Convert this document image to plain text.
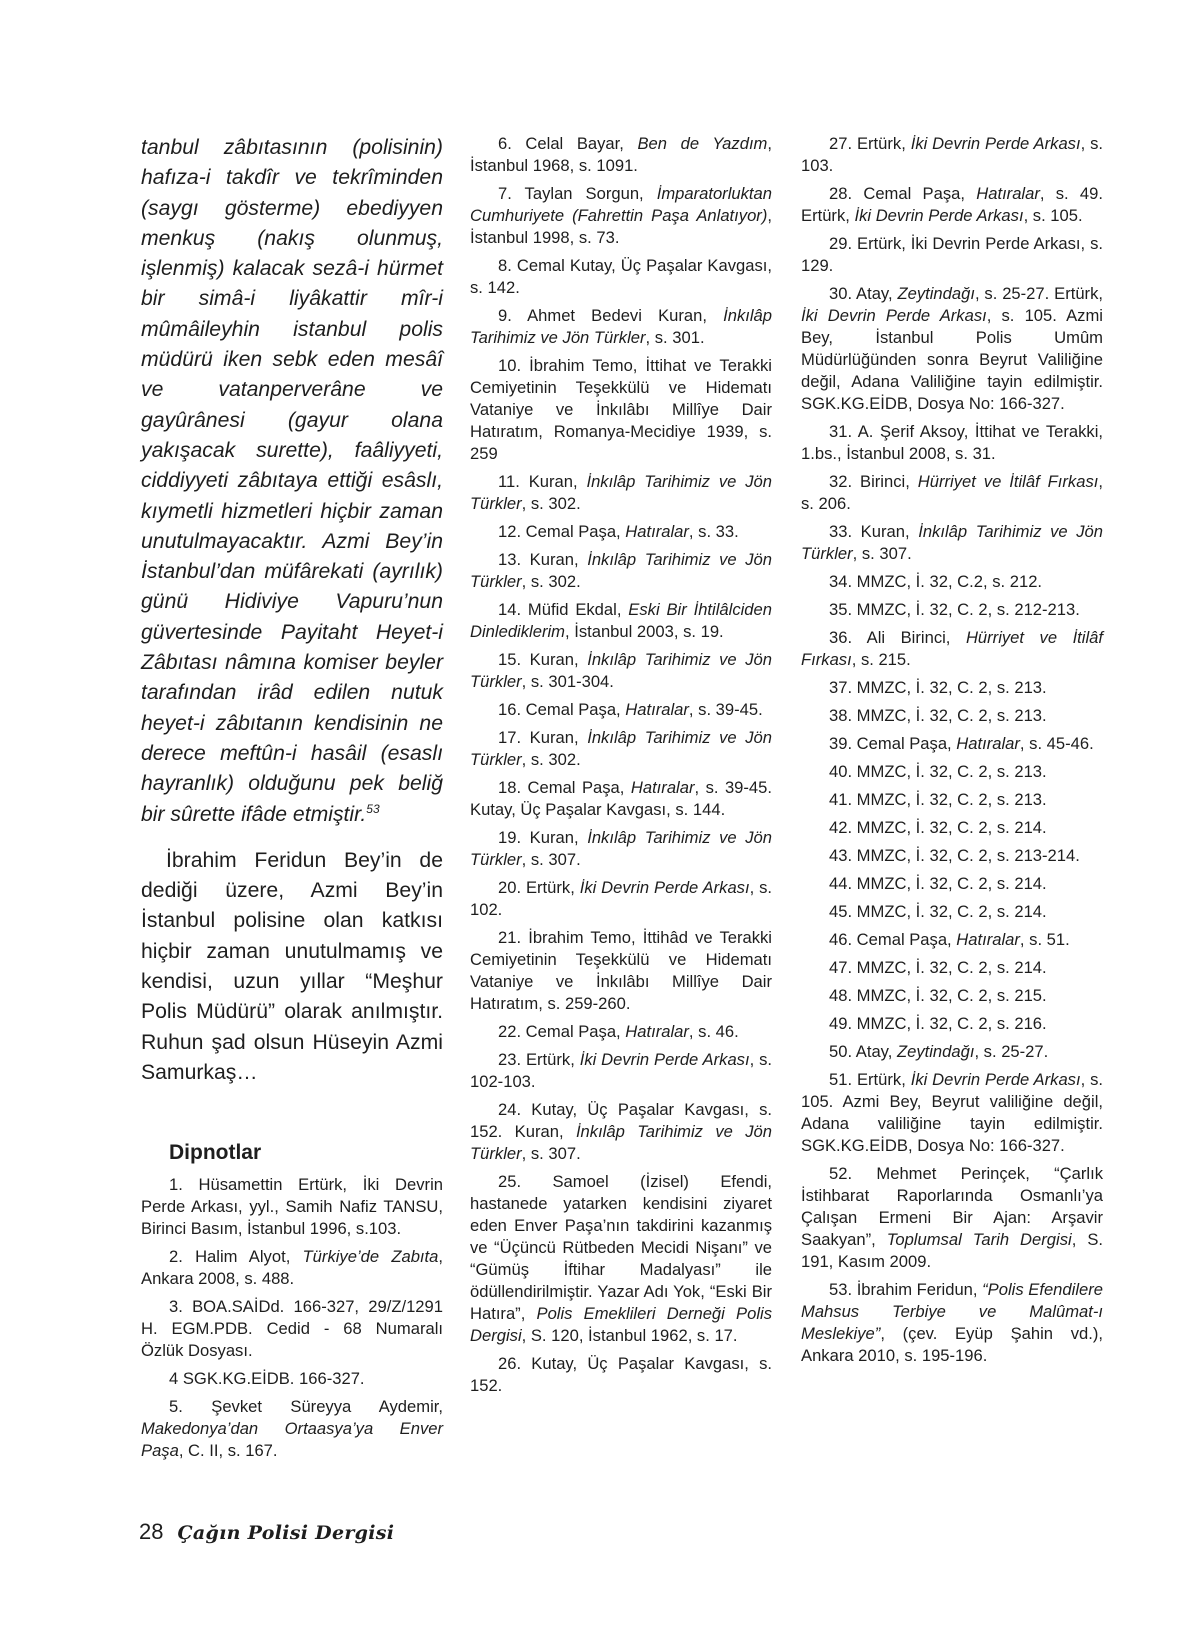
tanbul zâbıtasının (polisinin) hafıza-i takdîr ve tekrîminden (saygı gösterme) ebediyyen menkuş (nakış olunmuş, işlenmiş) kalacak sezâ-i hürmet bir simâ-i liyâkattir mîr-i mûmâileyhin istanbul polis müdürü iken sebk eden mesâî ve vatanperverâne ve gayûrânesi (gayur olana yakışacak surette), faâliyyeti, ciddiyyeti zâbıtaya ettiği esâslı, kıymetli hizmetleri hiçbir zaman unutulmayacaktır. Azmi Bey’in İstanbul’dan müfârekati (ayrılık) günü Hidiviye Vapuru’nun güvertesinde Payitaht Heyet-i Zâbıtası nâmına komiser beyler tarafından irâd edilen nutuk heyet-i zâbıtanın kendisinin ne derece meftûn-i hasâil (esaslı hayranlık) olduğunu pek beliğ bir sûrette ifâde etmiştir.$^{53}$

İbrahim Feridun Bey’in de dediği üzere, Azmi Bey’in İstanbul polisine olan katkısı hiçbir zaman unutulmamış ve kendisi, uzun yıllar “Meşhur Polis Müdürü” olarak anılmıştır. Ruhun şad olsun Hüseyin Azmi Samurkaş…

Dipnotlar

1. Hüsamettin Ertürk, İki Devrin Perde Arkası, yyl., Samih Nafiz TANSU, Birinci Basım, İstanbul 1996, s.103.

2. Halim Alyot, Türkiye’de Zabıta, Ankara 2008, s. 488.

3. BOA.SAİDd. 166-327, 29/Z/1291 H. EGM.PDB. Cedid - 68 Numaralı Özlük Dosyası.

4 SGK.KG.EİDB. 166-327.

5. Şevket Süreyya Aydemir, Makedonya’dan Ortaasya’ya Enver Paşa, C. II, s. 167.

6. Celal Bayar, Ben de Yazdım, İstanbul 1968, s. 1091.

7. Taylan Sorgun, İmparatorluktan Cumhuriyete (Fahrettin Paşa Anlatıyor), İstanbul 1998, s. 73.

8. Cemal Kutay, Üç Paşalar Kavgası, s. 142.

9. Ahmet Bedevi Kuran, İnkılâp Tarihimiz ve Jön Türkler, s. 301.

10. İbrahim Temo, İttihat ve Terakki Cemiyetinin Teşekkülü ve Hidematı Vataniye ve İnkılâbı Millîye Dair Hatıratım, Romanya-Mecidiye 1939, s. 259

11. Kuran, İnkılâp Tarihimiz ve Jön Türkler, s. 302.

12. Cemal Paşa, Hatıralar, s. 33.

13. Kuran, İnkılâp Tarihimiz ve Jön Türkler, s. 302.

14. Müfid Ekdal, Eski Bir İhtilâlciden Dinlediklerim, İstanbul 2003, s. 19.

15. Kuran, İnkılâp Tarihimiz ve Jön Türkler, s. 301-304.

16. Cemal Paşa, Hatıralar, s. 39-45.

17. Kuran, İnkılâp Tarihimiz ve Jön Türkler, s. 302.

18. Cemal Paşa, Hatıralar, s. 39-45. Kutay, Üç Paşalar Kavgası, s. 144.

19. Kuran, İnkılâp Tarihimiz ve Jön Türkler, s. 307.

20. Ertürk, İki Devrin Perde Arkası, s. 102.

21. İbrahim Temo, İttihâd ve Terakki Cemiyetinin Teşekkülü ve Hidematı Vataniye ve İnkılâbı Millîye Dair Hatıratım, s. 259-260.

22. Cemal Paşa, Hatıralar, s. 46.

23. Ertürk, İki Devrin Perde Arkası, s. 102-103.

24. Kutay, Üç Paşalar Kavgası, s. 152. Kuran, İnkılâp Tarihimiz ve Jön Türkler, s. 307.

25. Samoel (İzisel) Efendi, hastanede yatarken kendisini ziyaret eden Enver Paşa’nın takdirini kazanmış ve “Üçüncü Rütbeden Mecidi Nişanı” ve “Gümüş İftihar Madalyası” ile ödüllendirilmiştir. Yazar Adı Yok, “Eski Bir Hatıra”, Polis Emeklileri Derneği Polis Dergisi, S. 120, İstanbul 1962, s. 17.

26. Kutay, Üç Paşalar Kavgası, s. 152.

27. Ertürk, İki Devrin Perde Arkası, s. 103.

28. Cemal Paşa, Hatıralar, s. 49. Ertürk, İki Devrin Perde Arkası, s. 105.

29. Ertürk, İki Devrin Perde Arkası, s. 129.

30. Atay, Zeytindağı, s. 25-27. Ertürk, İki Devrin Perde Arkası, s. 105. Azmi Bey, İstanbul Polis Umûm Müdürlüğünden sonra Beyrut Valiliğine değil, Adana Valiliğine tayin edilmiştir. SGK.KG.EİDB, Dosya No: 166-327.

31. A. Şerif Aksoy, İttihat ve Terakki, 1.bs., İstanbul 2008, s. 31.

32. Birinci, Hürriyet ve İtilâf Fırkası, s. 206.

33. Kuran, İnkılâp Tarihimiz ve Jön Türkler, s. 307.

34. MMZC, İ. 32, C.2, s. 212.

35. MMZC, İ. 32, C. 2, s. 212-213.

36. Ali Birinci, Hürriyet ve İtilâf Fırkası, s. 215.

37. MMZC, İ. 32, C. 2, s. 213.

38. MMZC, İ. 32, C. 2, s. 213.

39. Cemal Paşa, Hatıralar, s. 45-46.

40. MMZC, İ. 32, C. 2, s. 213.

41. MMZC, İ. 32, C. 2, s. 213.

42. MMZC, İ. 32, C. 2, s. 214.

43. MMZC, İ. 32, C. 2, s. 213-214.

44. MMZC, İ. 32, C. 2, s. 214.

45. MMZC, İ. 32, C. 2, s. 214.

46. Cemal Paşa, Hatıralar, s. 51.

47. MMZC, İ. 32, C. 2, s. 214.

48. MMZC, İ. 32, C. 2, s. 215.

49. MMZC, İ. 32, C. 2, s. 216.

50. Atay, Zeytindağı, s. 25-27.

51. Ertürk, İki Devrin Perde Arkası, s. 105. Azmi Bey, Beyrut valiliğine değil, Adana valiliğine tayin edilmiştir. SGK.KG.EİDB, Dosya No: 166-327.

52. Mehmet Perinçek, “Çarlık İstihbarat Raporlarında Osmanlı’ya Çalışan Ermeni Bir Ajan: Arşavir Saakyan”, Toplumsal Tarih Dergisi, S. 191, Kasım 2009.

53. İbrahim Feridun, “Polis Efendilere Mahsus Terbiye ve Malûmat-ı Meslekiye”, (çev. Eyüp Şahin vd.), Ankara 2010, s. 195-196.

28 Çağın Polisi Dergisi
